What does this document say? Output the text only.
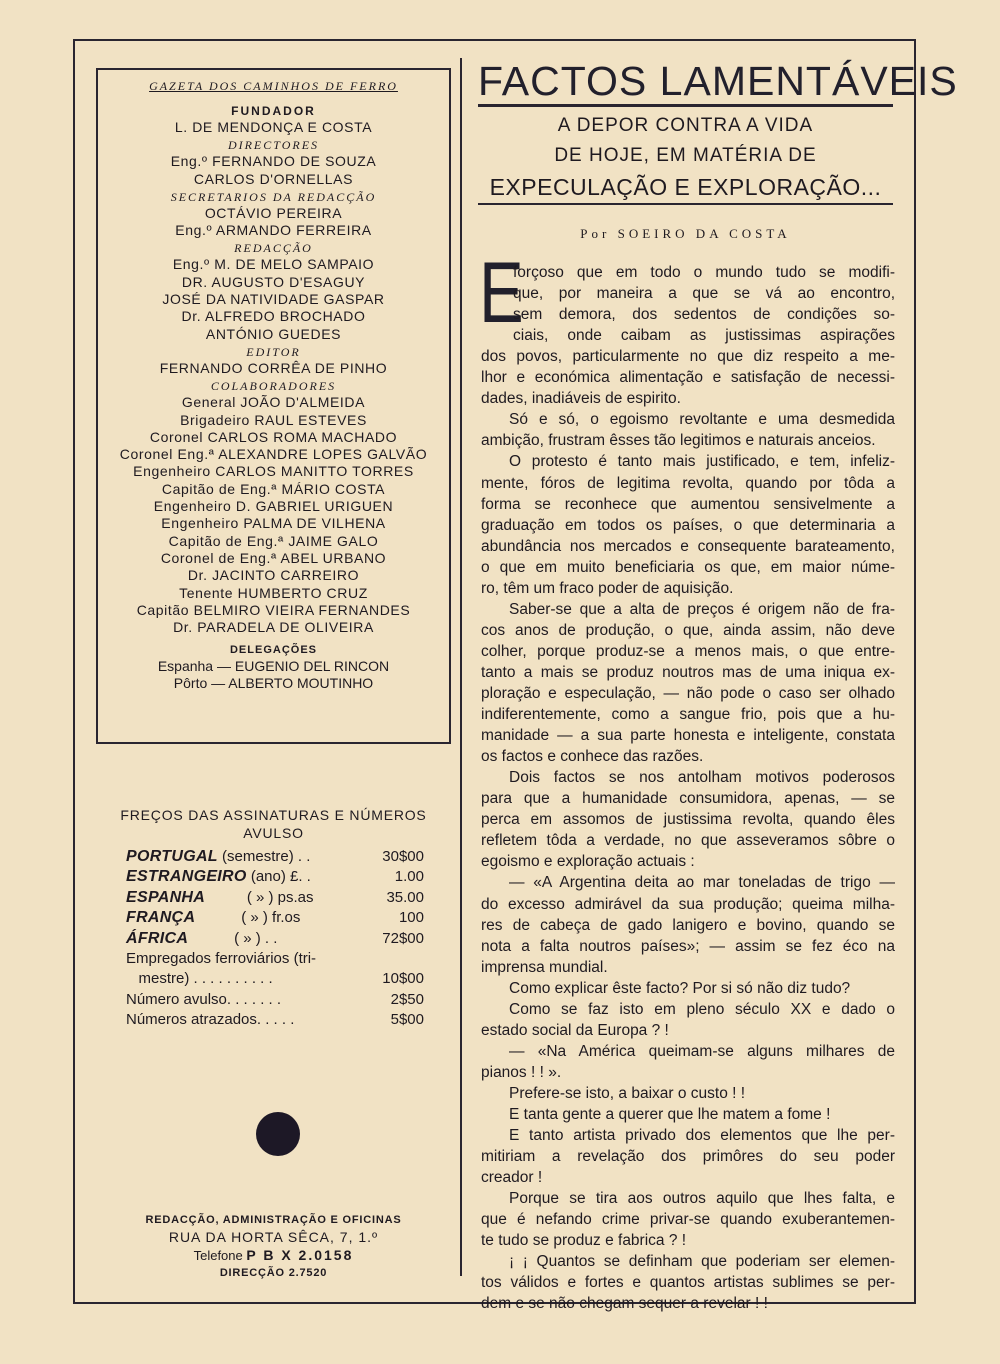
GAZETA DOS CAMINHOS DE FERRO
FUNDADOR
L. DE MENDONÇA E COSTA
DIRECTORES
Eng.º FERNANDO DE SOUZA
CARLOS D'ORNELLAS
SECRETARIOS DA REDACÇÃO
OCTÁVIO PEREIRA
Eng.º ARMANDO FERREIRA
REDACÇÃO
Eng.º M. DE MELO SAMPAIO
DR. AUGUSTO D'ESAGUY
JOSÉ DA NATIVIDADE GASPAR
Dr. ALFREDO BROCHADO
ANTÓNIO GUEDES
EDITOR
FERNANDO CORRÊA DE PINHO
COLABORADORES
General JOÃO D'ALMEIDA
Brigadeiro RAUL ESTEVES
Coronel CARLOS ROMA MACHADO
Coronel Eng.ª ALEXANDRE LOPES GALVÃO
Engenheiro CARLOS MANITTO TORRES
Capitão de Eng.ª MÁRIO COSTA
Engenheiro D. GABRIEL URIGUEN
Engenheiro PALMA DE VILHENA
Capitão de Eng.ª JAIME GALO
Coronel de Eng.ª ABEL URBANO
Dr. JACINTO CARREIRO
Tenente HUMBERTO CRUZ
Capitão BELMIRO VIEIRA FERNANDES
Dr. PARADELA DE OLIVEIRA
DELEGAÇÕES
Espanha — EUGENIO DEL RINCON
Pôrto — ALBERTO MOUTINHO
FREÇOS DAS ASSINATURAS E NÚMEROS
AVULSO
PORTUGAL (semestre) . .	30$00
ESTRANGEIRO (ano) £. .	1.00
ESPANHA          ( » ) ps.as	35.00
FRANÇA           ( » ) fr.os	100
ÁFRICA           ( » ) . .	72$00
Empregados ferroviários (tri-
mestre) . . . . . . . . . .	10$00
Número avulso. . . . . . .	2$50
Números atrazados. . . . .	5$00
REDACÇÃO, ADMINISTRAÇÃO E OFICINAS
RUA DA HORTA SÊCA, 7, 1.º
Telefone P B X 2.0158
DIRECÇÃO 2.7520
FACTOS LAMENTÁVEIS
A DEPOR CONTRA A VIDA
DE HOJE, EM MATÉRIA DE
EXPECULAÇÃO E EXPLORAÇÃO...
Por SOEIRO DA COSTA
E
forçoso que em todo o mundo tudo se modifi-
que, por maneira a que se vá ao encontro,
sem demora, dos sedentos de condições so-
ciais, onde caibam as justissimas aspirações
dos povos, particularmente no que diz respeito a me-
lhor e económica alimentação e satisfação de necessi-
dades, inadiáveis de espirito.
Só e só, o egoismo revoltante e uma desmedida
ambição, frustram êsses tão legitimos e naturais anceios.
O protesto é tanto mais justificado, e tem, infeliz-
mente, fóros de legitima revolta, quando por tôda a
forma se reconhece que aumentou sensivelmente a
graduação em todos os países, o que determinaria a
abundância nos mercados e consequente barateamento,
o que em muito beneficiaria os que, em maior núme-
ro, têm um fraco poder de aquisição.
Saber-se que a alta de preços é origem não de fra-
cos anos de produção, o que, ainda assim, não deve
colher, porque produz-se a menos mais, o que entre-
tanto a mais se produz noutros mas de uma iniqua ex-
ploração e especulação, — não pode o caso ser olhado
indiferentemente, como a sangue frio, pois que a hu-
manidade — a sua parte honesta e inteligente, constata
os factos e conhece das razões.
Dois factos se nos antolham motivos poderosos
para que a humanidade consumidora, apenas, — se
perca em assomos de justissima revolta, quando êles
refletem tôda a verdade, no que asseveramos sôbre o
egoismo e exploração actuais :
— «A Argentina deita ao mar toneladas de trigo —
do excesso admirável da sua produção; queima milha-
res de cabeça de gado lanigero e bovino, quando se
nota a falta noutros países»; — assim se fez éco na
imprensa mundial.
Como explicar êste facto? Por si só não diz tudo?
Como se faz isto em pleno século XX e dado o
estado social da Europa ? !
— «Na América queimam-se alguns milhares de
pianos ! ! ».
Prefere-se isto, a baixar o custo ! !
E tanta gente a querer que lhe matem a fome !
E tanto artista privado dos elementos que lhe per-
mitiriam a revelação dos primôres do seu poder
creador !
Porque se tira aos outros aquilo que lhes falta, e
que é nefando crime privar-se quando exuberantemen-
te tudo se produz e fabrica ? !
¡ ¡ Quantos se definham que poderiam ser elemen-
tos válidos e fortes e quantos artistas sublimes se per-
dem e se não chegam sequer a revelar ! !
